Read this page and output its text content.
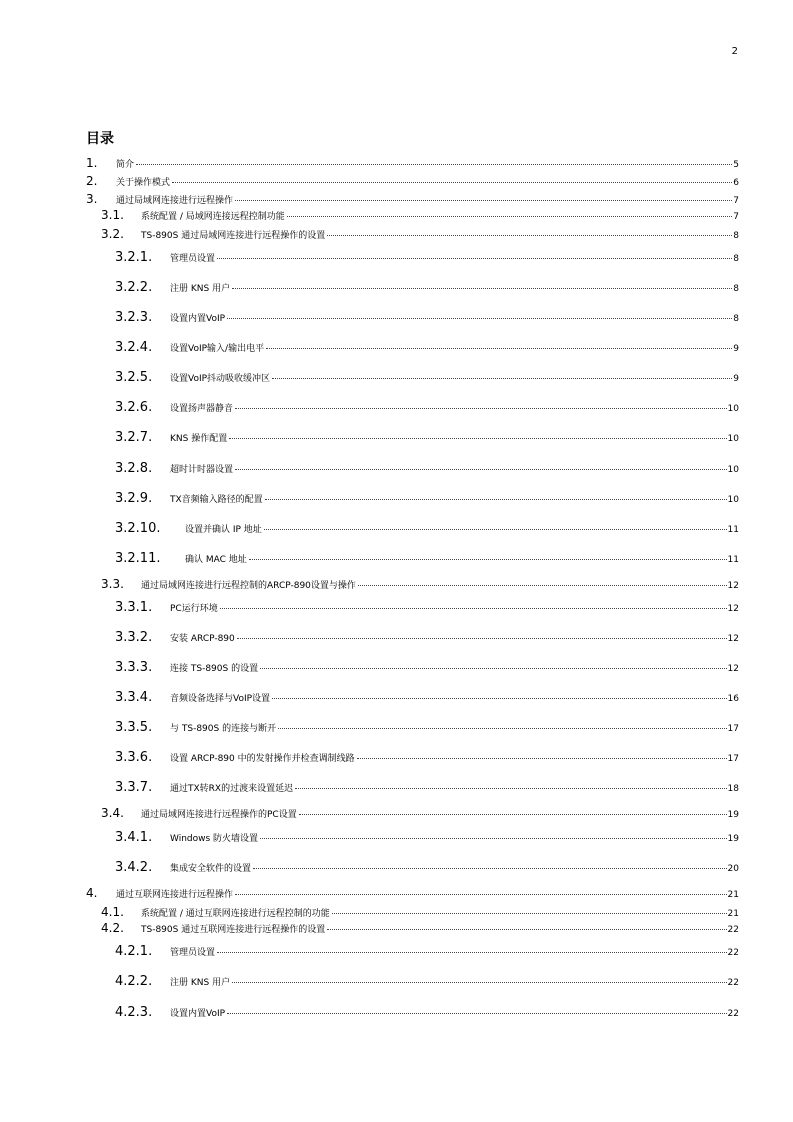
2
目录
1.	简介	5
2.	关于操作模式	6
3.	通过局域网连接进行远程操作	7
3.1.	系统配置 / 局域网连接远程控制功能	7
3.2.	TS-890S 通过局域网连接进行远程操作的设置	8
3.2.1.	管理员设置	8
3.2.2.	注册 KNS 用户	8
3.2.3.	设置内置VoIP	8
3.2.4.	设置VoIP输入/输出电平	9
3.2.5.	设置VoIP抖动吸收缓冲区	9
3.2.6.	设置扬声器静音	10
3.2.7.	KNS 操作配置	10
3.2.8.	超时计时器设置	10
3.2.9.	TX音频输入路径的配置	10
3.2.10.	设置并确认 IP 地址	11
3.2.11.	确认 MAC 地址	11
3.3.	通过局域网连接进行远程控制的ARCP-890设置与操作	12
3.3.1.	PC运行环境	12
3.3.2.	安装 ARCP-890	12
3.3.3.	连接 TS-890S 的设置	12
3.3.4.	音频设备选择与VoIP设置	16
3.3.5.	与 TS-890S 的连接与断开	17
3.3.6.	设置 ARCP-890 中的发射操作并检查调制线路	17
3.3.7.	通过TX转RX的过渡来设置延迟	18
3.4.	通过局域网连接进行远程操作的PC设置	19
3.4.1.	Windows 防火墙设置	19
3.4.2.	集成安全软件的设置	20
4.	通过互联网连接进行远程操作	21
4.1.	系统配置 / 通过互联网连接进行远程控制的功能	21
4.2.	TS-890S 通过互联网连接进行远程操作的设置	22
4.2.1.	管理员设置	22
4.2.2.	注册 KNS 用户	22
4.2.3.	设置内置VoIP	22
